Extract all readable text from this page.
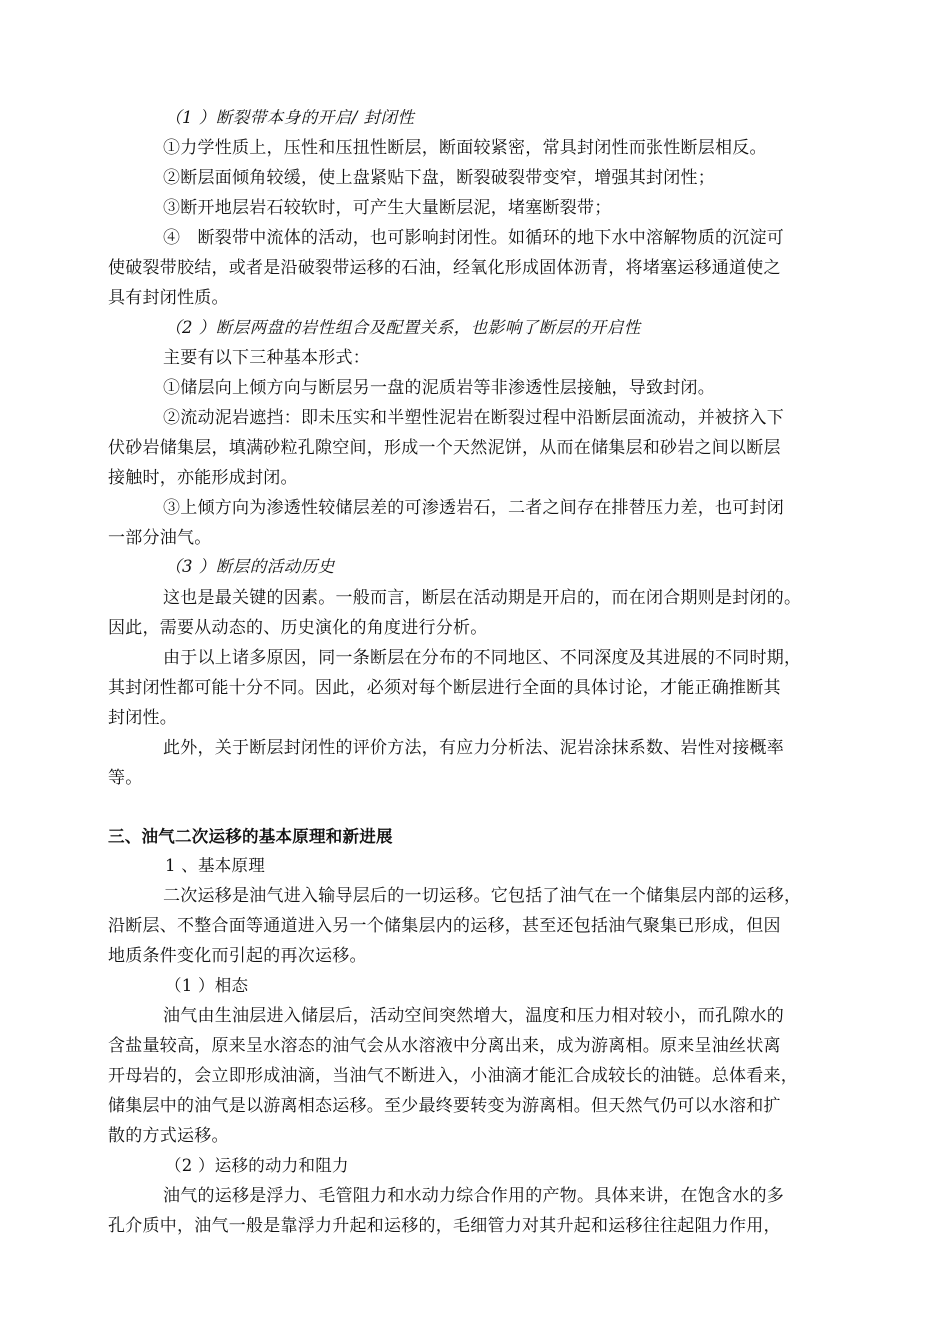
（1 ）断裂带本身的开启/ 封闭性

①力学性质上，压性和压扭性断层，断面较紧密，常具封闭性而张性断层相反。

②断层面倾角较缓，使上盘紧贴下盘，断裂破裂带变窄，增强其封闭性；

③断开地层岩石较软时，可产生大量断层泥，堵塞断裂带；

④　断裂带中流体的活动，也可影响封闭性。如循环的地下水中溶解物质的沉淀可

使破裂带胶结，或者是沿破裂带运移的石油，经氧化形成固体沥青，将堵塞运移通道使之

具有封闭性质。

（2 ）断层两盘的岩性组合及配置关系，也影响了断层的开启性

主要有以下三种基本形式：

①储层向上倾方向与断层另一盘的泥质岩等非渗透性层接触，导致封闭。

②流动泥岩遮挡：即未压实和半塑性泥岩在断裂过程中沿断层面流动，并被挤入下

伏砂岩储集层，填满砂粒孔隙空间，形成一个天然泥饼，从而在储集层和砂岩之间以断层

接触时，亦能形成封闭。

③上倾方向为渗透性较储层差的可渗透岩石，二者之间存在排替压力差，也可封闭

一部分油气。

（3 ）断层的活动历史

这也是最关键的因素。一般而言，断层在活动期是开启的，而在闭合期则是封闭的。

因此，需要从动态的、历史演化的角度进行分析。

由于以上诸多原因，同一条断层在分布的不同地区、不同深度及其进展的不同时期，

其封闭性都可能十分不同。因此，必须对每个断层进行全面的具体讨论，才能正确推断其

封闭性。

此外，关于断层封闭性的评价方法，有应力分析法、泥岩涂抹系数、岩性对接概率

等。

三、油气二次运移的基本原理和新进展

1 、基本原理

二次运移是油气进入输导层后的一切运移。它包括了油气在一个储集层内部的运移，

沿断层、不整合面等通道进入另一个储集层内的运移，甚至还包括油气聚集已形成，但因

地质条件变化而引起的再次运移。

（1 ）相态

油气由生油层进入储层后，活动空间突然增大，温度和压力相对较小，而孔隙水的

含盐量较高，原来呈水溶态的油气会从水溶液中分离出来，成为游离相。原来呈油丝状离

开母岩的，会立即形成油滴，当油气不断进入，小油滴才能汇合成较长的油链。总体看来，

储集层中的油气是以游离相态运移。至少最终要转变为游离相。但天然气仍可以水溶和扩

散的方式运移。

（2 ）运移的动力和阻力

油气的运移是浮力、毛管阻力和水动力综合作用的产物。具体来讲，在饱含水的多

孔介质中，油气一般是靠浮力升起和运移的，毛细管力对其升起和运移往往起阻力作用，
